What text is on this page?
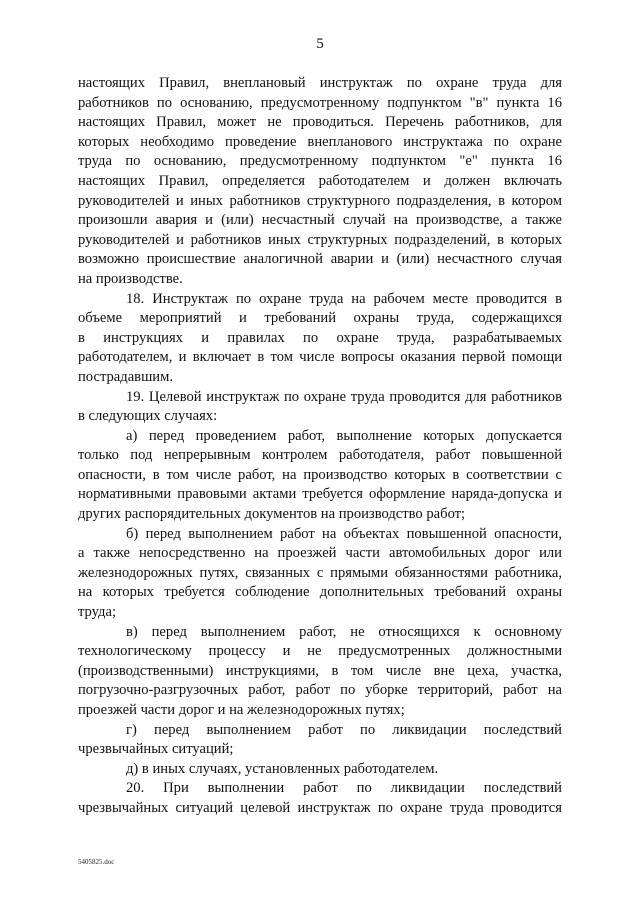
5
настоящих Правил, внеплановый инструктаж по охране труда для
работников по основанию, предусмотренному подпунктом "в" пункта 16
настоящих Правил, может не проводиться. Перечень работников, для
которых необходимо проведение внепланового инструктажа по охране
труда по основанию, предусмотренному подпунктом "е" пункта 16
настоящих Правил, определяется работодателем и должен включать
руководителей и иных работников структурного подразделения, в котором
произошли авария и (или) несчастный случай на производстве, а также
руководителей и работников иных структурных подразделений, в которых
возможно происшествие аналогичной аварии и (или) несчастного случая
на производстве.
18. Инструктаж по охране труда на рабочем месте проводится в
объеме мероприятий и требований охраны труда, содержащихся
в инструкциях и правилах по охране труда, разрабатываемых
работодателем, и включает в том числе вопросы оказания первой помощи
пострадавшим.
19. Целевой инструктаж по охране труда проводится для работников
в следующих случаях:
а) перед проведением работ, выполнение которых допускается
только под непрерывным контролем работодателя, работ повышенной
опасности, в том числе работ, на производство которых в соответствии с
нормативными правовыми актами требуется оформление наряда-допуска и
других распорядительных документов на производство работ;
б) перед выполнением работ на объектах повышенной опасности,
а также непосредственно на проезжей части автомобильных дорог или
железнодорожных путях, связанных с прямыми обязанностями работника,
на которых требуется соблюдение дополнительных требований охраны
труда;
в) перед выполнением работ, не относящихся к основному
технологическому процессу и не предусмотренных должностными
(производственными) инструкциями, в том числе вне цеха, участка,
погрузочно-разгрузочных работ, работ по уборке территорий, работ на
проезжей части дорог и на железнодорожных путях;
г) перед выполнением работ по ликвидации последствий
чрезвычайных ситуаций;
д) в иных случаях, установленных работодателем.
20. При выполнении работ по ликвидации последствий
чрезвычайных ситуаций целевой инструктаж по охране труда проводится
5405825.doc
